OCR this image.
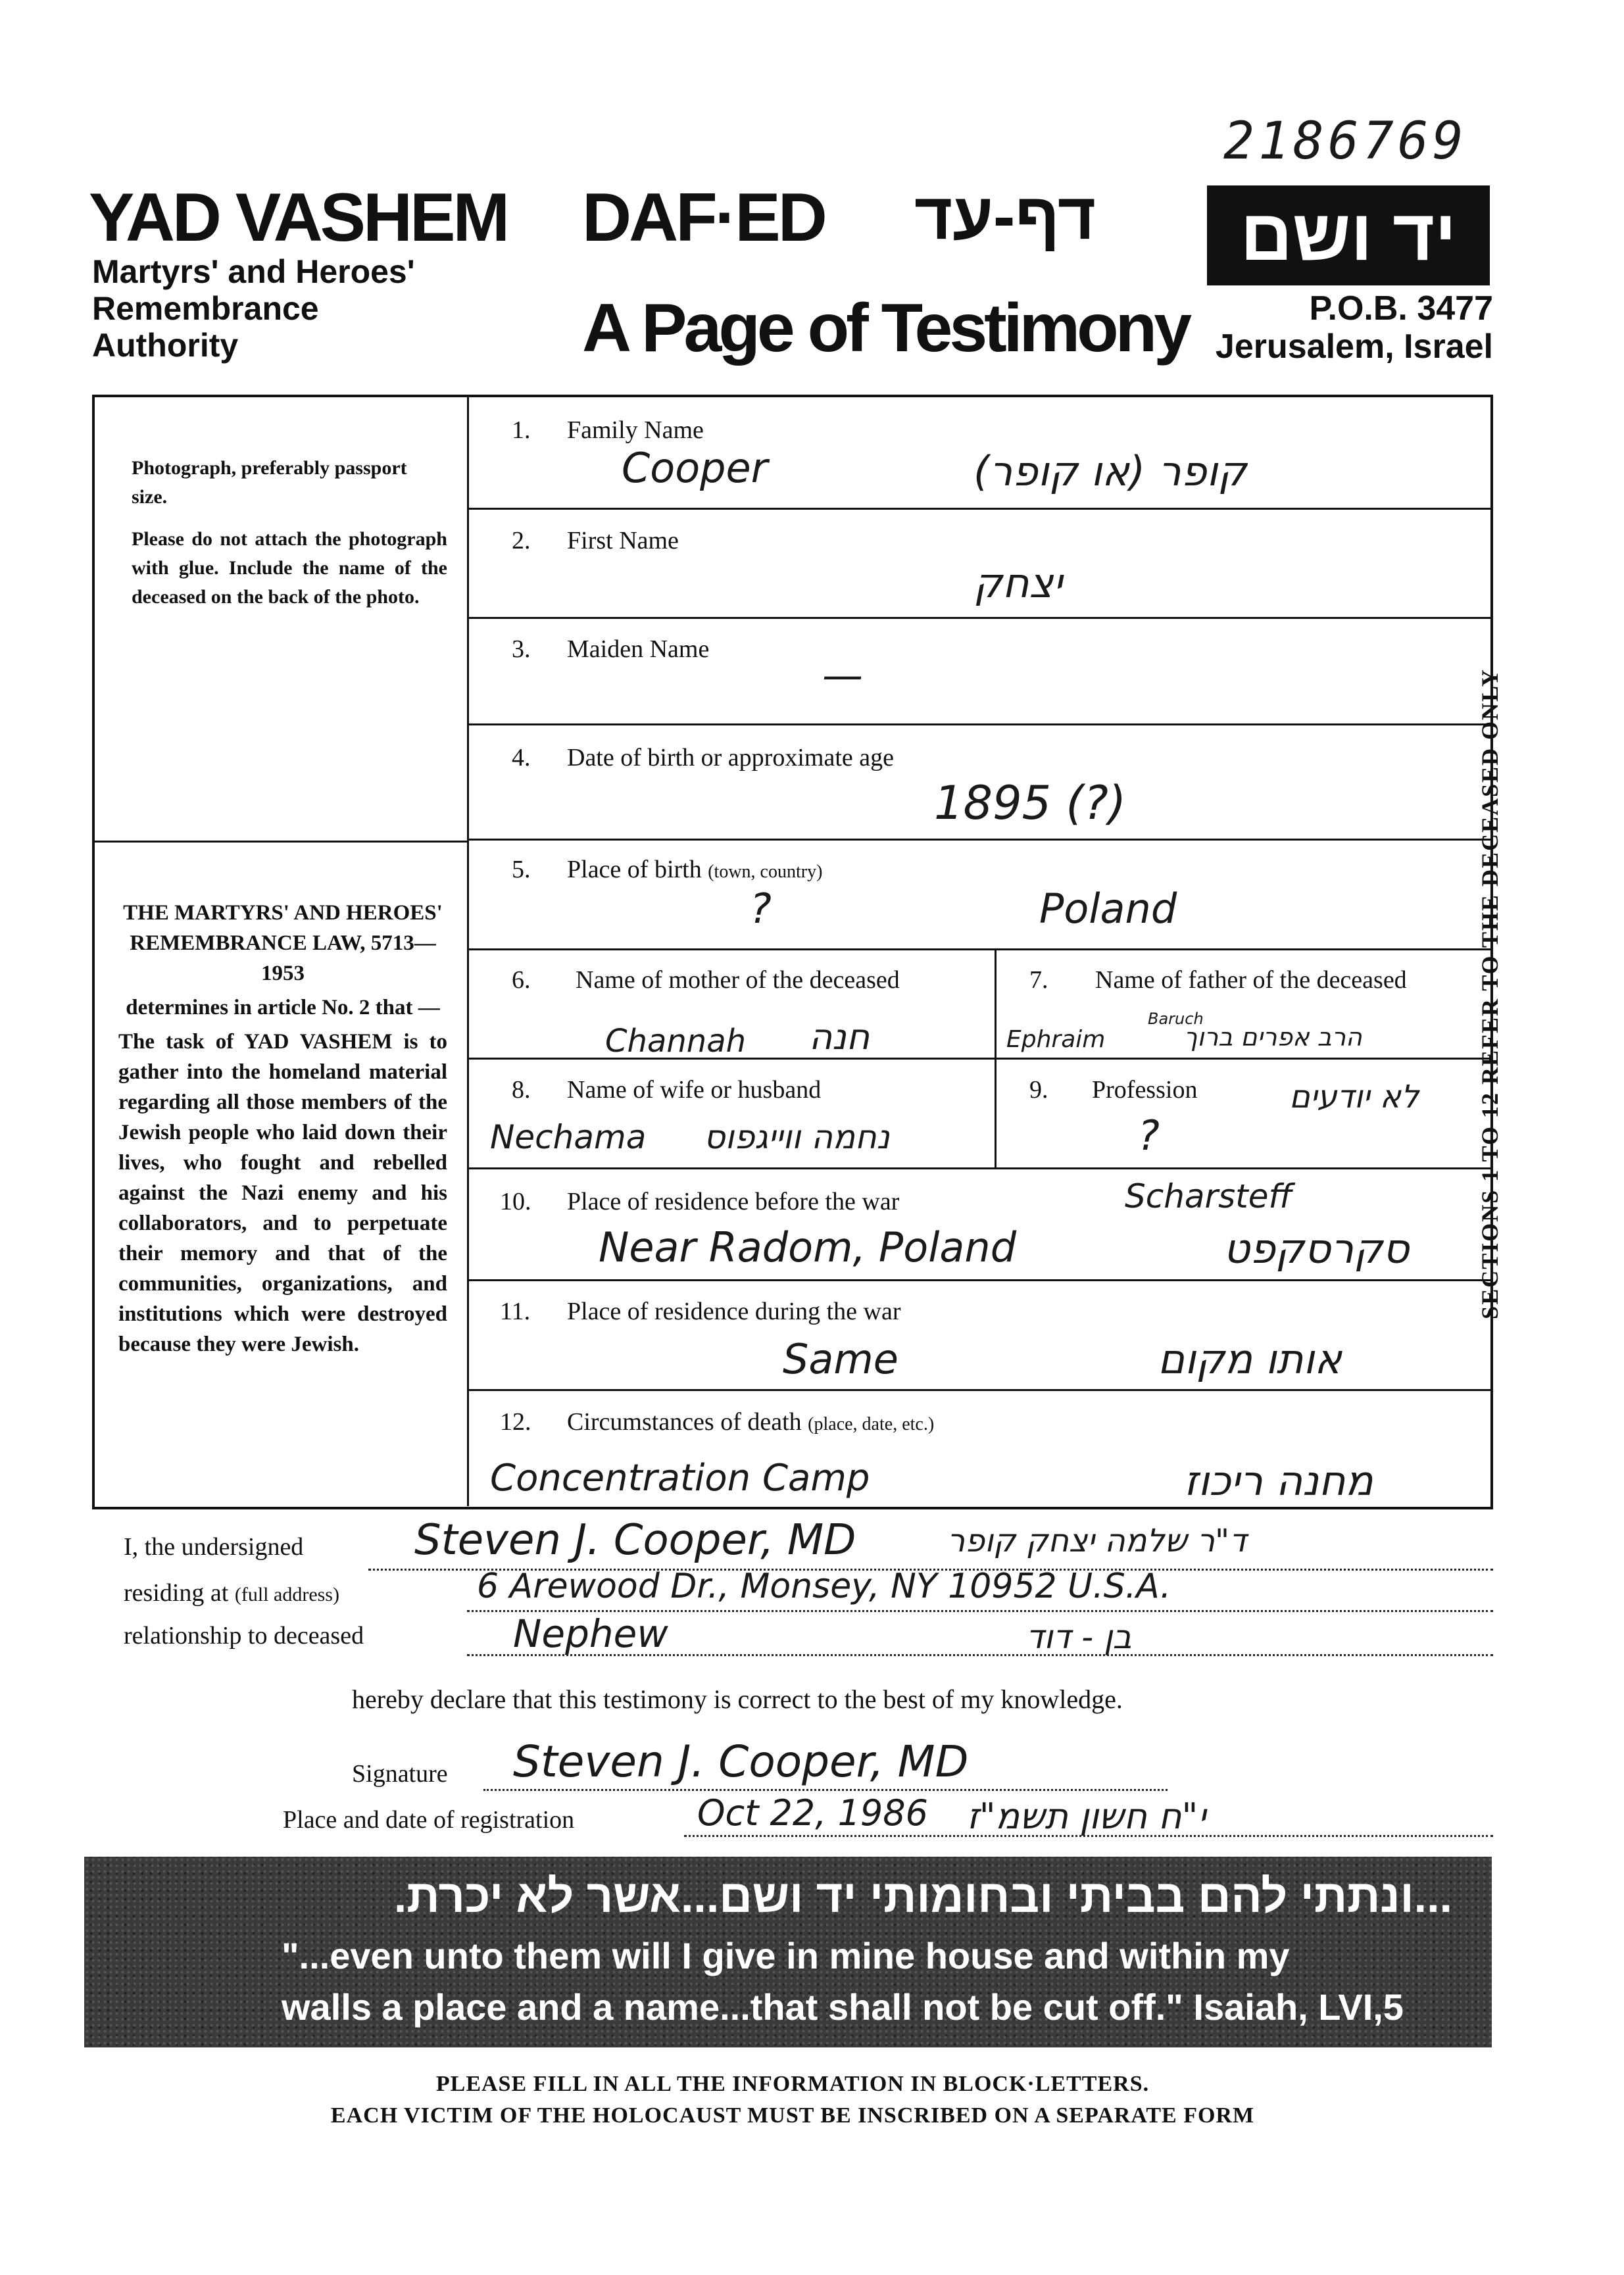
2186769
YAD VASHEM
Martyrs' and Heroes' Remembrance Authority
DAF·ED דף-עד
A Page of Testimony
יד ושם
P.O.B. 3477
Jerusalem, Israel

Photograph, preferably passport size.

Please do not attach the photograph with glue. Include the name of the deceased on the back of the photo.

THE MARTYRS' AND HEROES' REMEMBRANCE LAW, 5713—1953
determines in article No. 2 that —
The task of YAD VASHEM is to gather into the homeland material regarding all those members of the Jewish people who laid down their lives, who fought and rebelled against the Nazi enemy and his collaborators, and to perpetuate their memory and that of the communities, organizations, and institutions which were destroyed because they were Jewish.
1. Family Name
Cooper	קופר (או קופר)
2. First Name
יצחק
3. Maiden Name
—
4. Date of birth or approximate age
1895 (?)
5. Place of birth (town, country)
?	Poland
6. Name of mother of the deceased
Channah חנה
7. Name of father of the deceased
Ephraim
Baruch
הרב אפרים ברוך
8. Name of wife or husband
Nechama נחמה ווייגפוס
9. Profession
?
לא יודעים
10. Place of residence before the war	Scharsteff
Near Radom, Poland	סקרסקפט
11. Place of residence during the war
Same	אותו מקום
12. Circumstances of death (place, date, etc.)
Concentration Camp	מחנה ריכוז
SECTIONS 1 TO 12 REFER TO THE DECEASED ONLY
I, the undersigned	Steven J. Cooper, MD	ד"ר שלמה יצחק קופר
residing at (full address)	6 Arewood Dr., Monsey, NY 10952 U.S.A.
relationship to deceased	Nephew	בן - דוד
hereby declare that this testimony is correct to the best of my knowledge.
Signature Steven J. Cooper, MD
Place and date of registration	Oct 22, 1986 י"ח חשון תשמ"ז
...ונתתי להם בביתי ובחומותי יד ושם...אשר לא יכרת.
"...even unto them will I give in mine house and within my
walls a place and a name...that shall not be cut off." Isaiah, LVI,5
PLEASE FILL IN ALL THE INFORMATION IN BLOCK·LETTERS.
EACH VICTIM OF THE HOLOCAUST MUST BE INSCRIBED ON A SEPARATE FORM
